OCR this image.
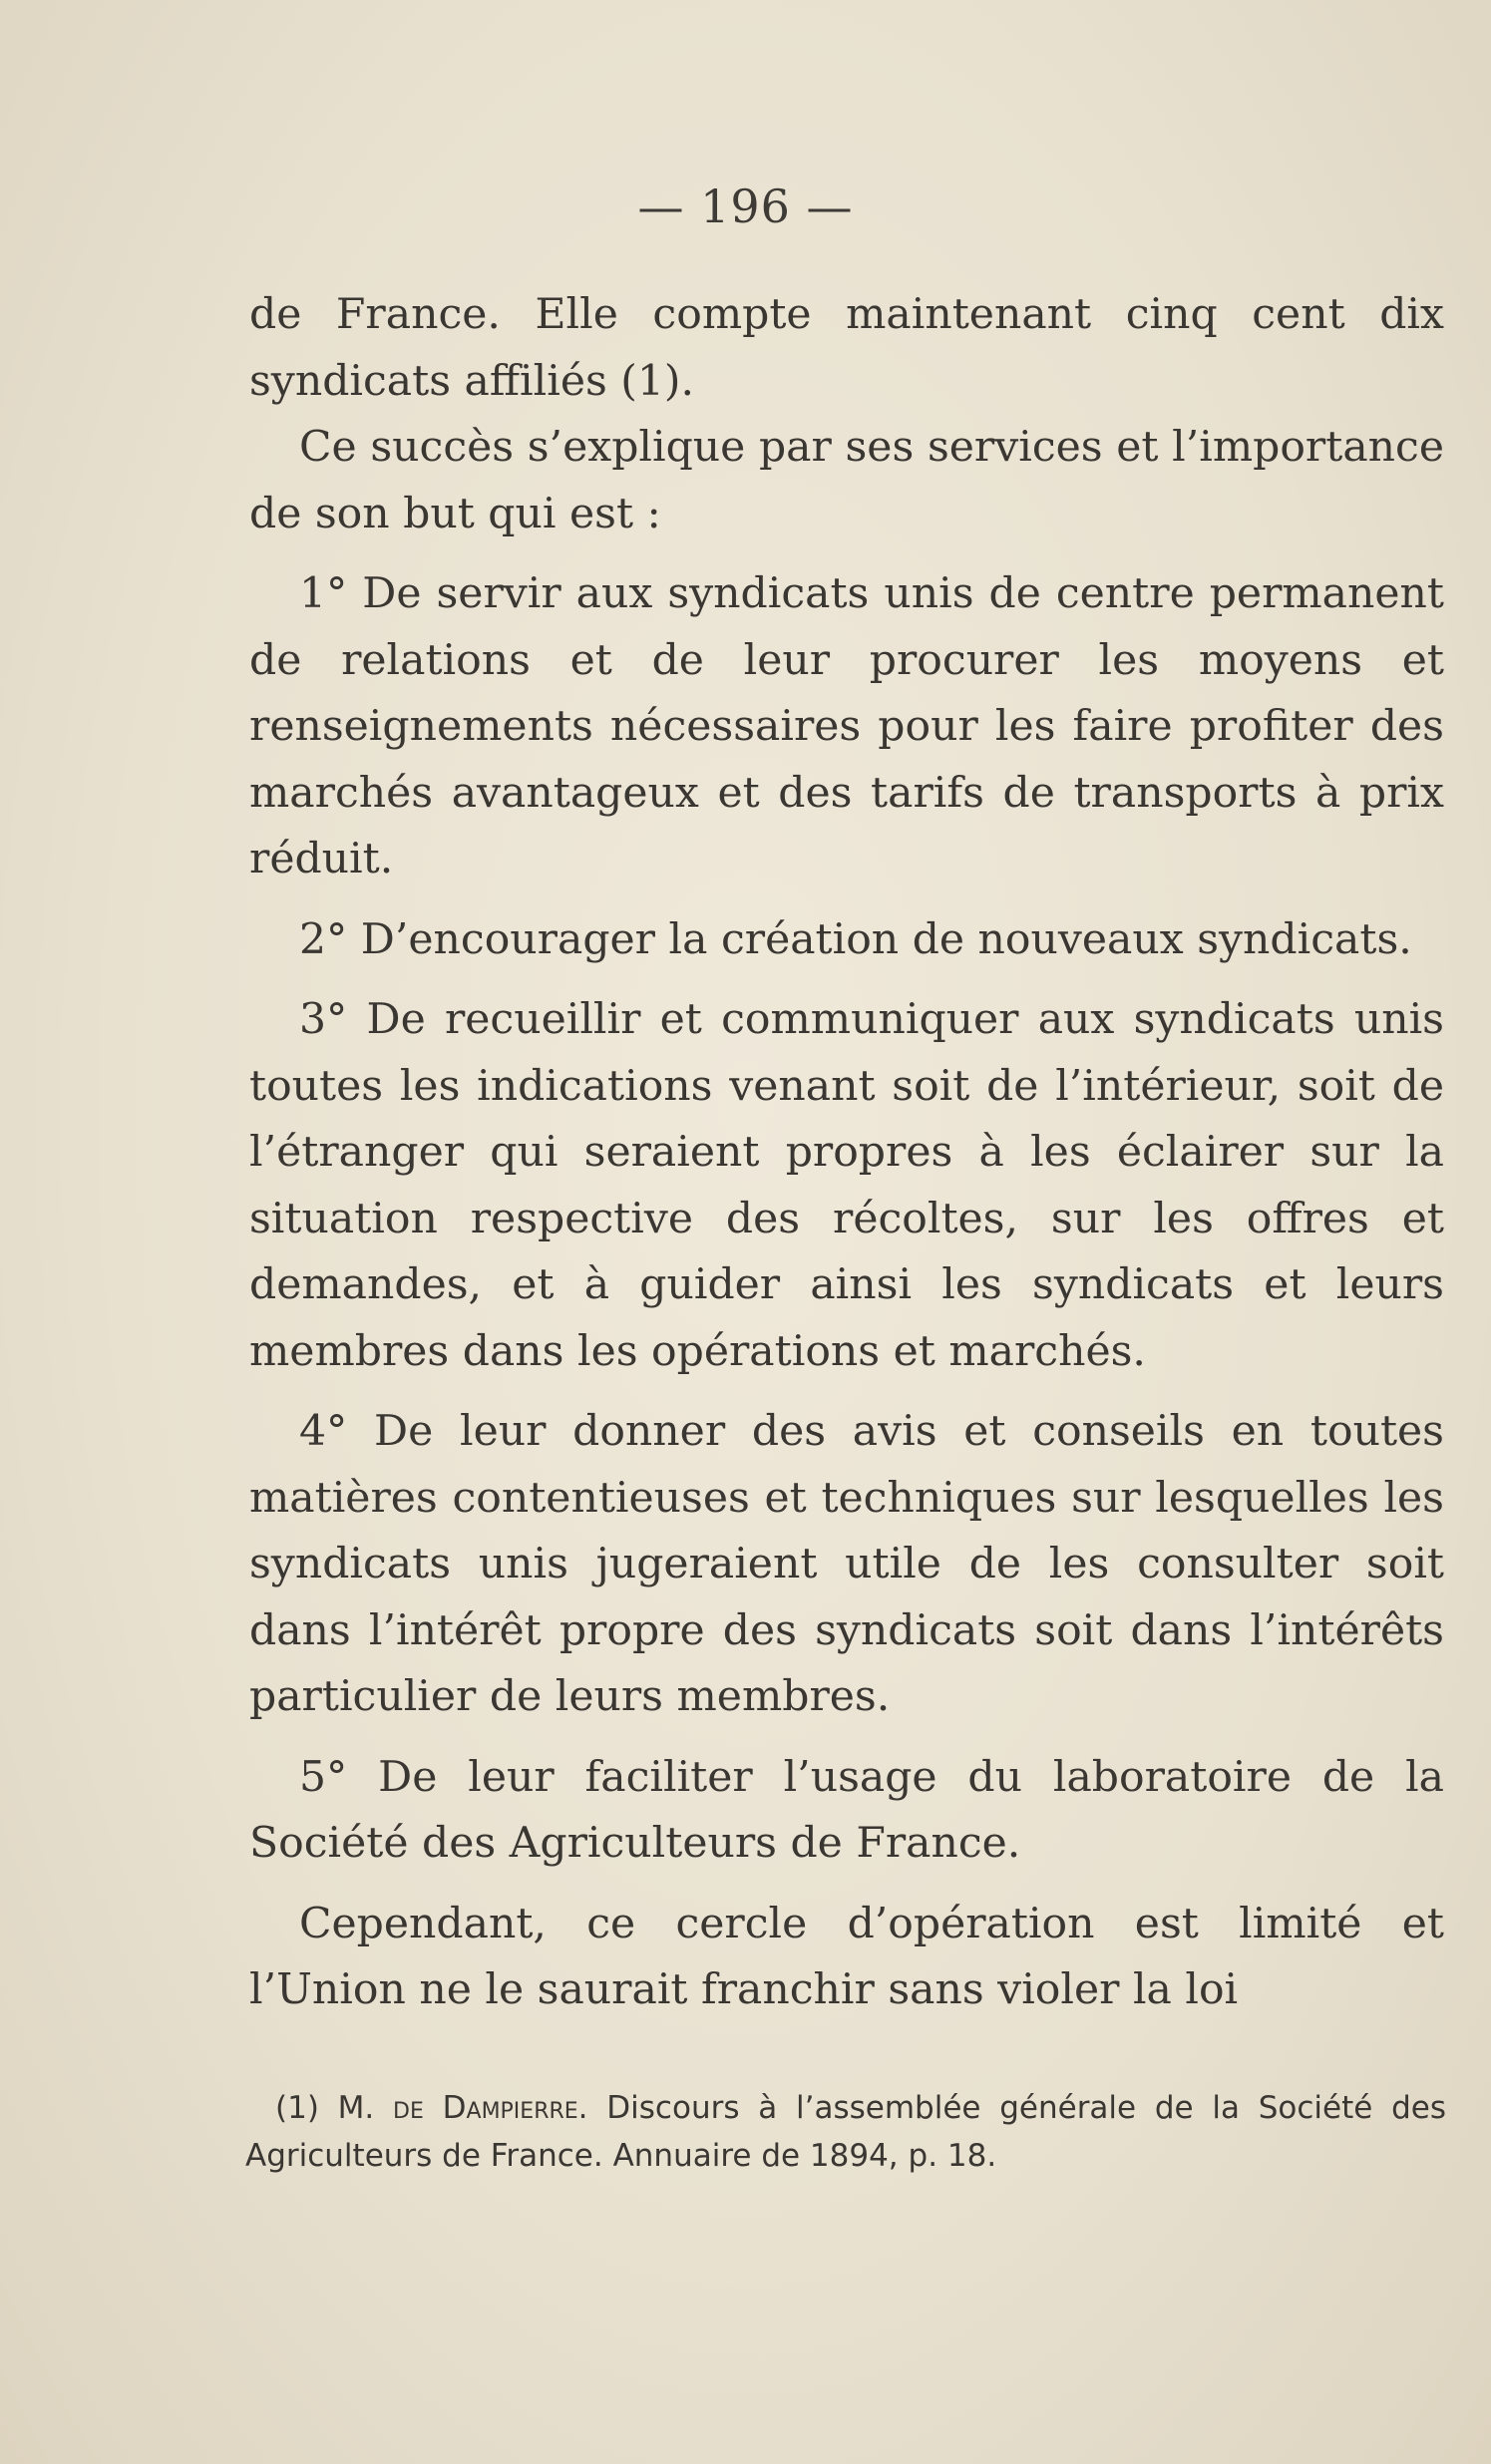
— 196 —

de France. Elle compte maintenant cinq cent dix syndicats affiliés (1).

Ce succès s’explique par ses services et l’importance de son but qui est :

1° De servir aux syndicats unis de centre permanent de relations et de leur procurer les moyens et renseignements nécessaires pour les faire profiter des marchés avantageux et des tarifs de transports à prix réduit.

2° D’encourager la création de nouveaux syndicats.

3° De recueillir et communiquer aux syndicats unis toutes les indications venant soit de l’intérieur, soit de l’étranger qui seraient propres à les éclairer sur la situation respective des récoltes, sur les offres et demandes, et à guider ainsi les syndicats et leurs membres dans les opérations et marchés.

4° De leur donner des avis et conseils en toutes matières contentieuses et techniques sur lesquelles les syndicats unis jugeraient utile de les consulter soit dans l’intérêt propre des syndicats soit dans l’intérêts particulier de leurs membres.

5° De leur faciliter l’usage du laboratoire de la Société des Agriculteurs de France.

Cependant, ce cercle d’opération est limité et l’Union ne le saurait franchir sans violer la loi

(1) M. de Dampierre. Discours à l’assemblée générale de la Société des Agriculteurs de France. Annuaire de 1894, p. 18.
